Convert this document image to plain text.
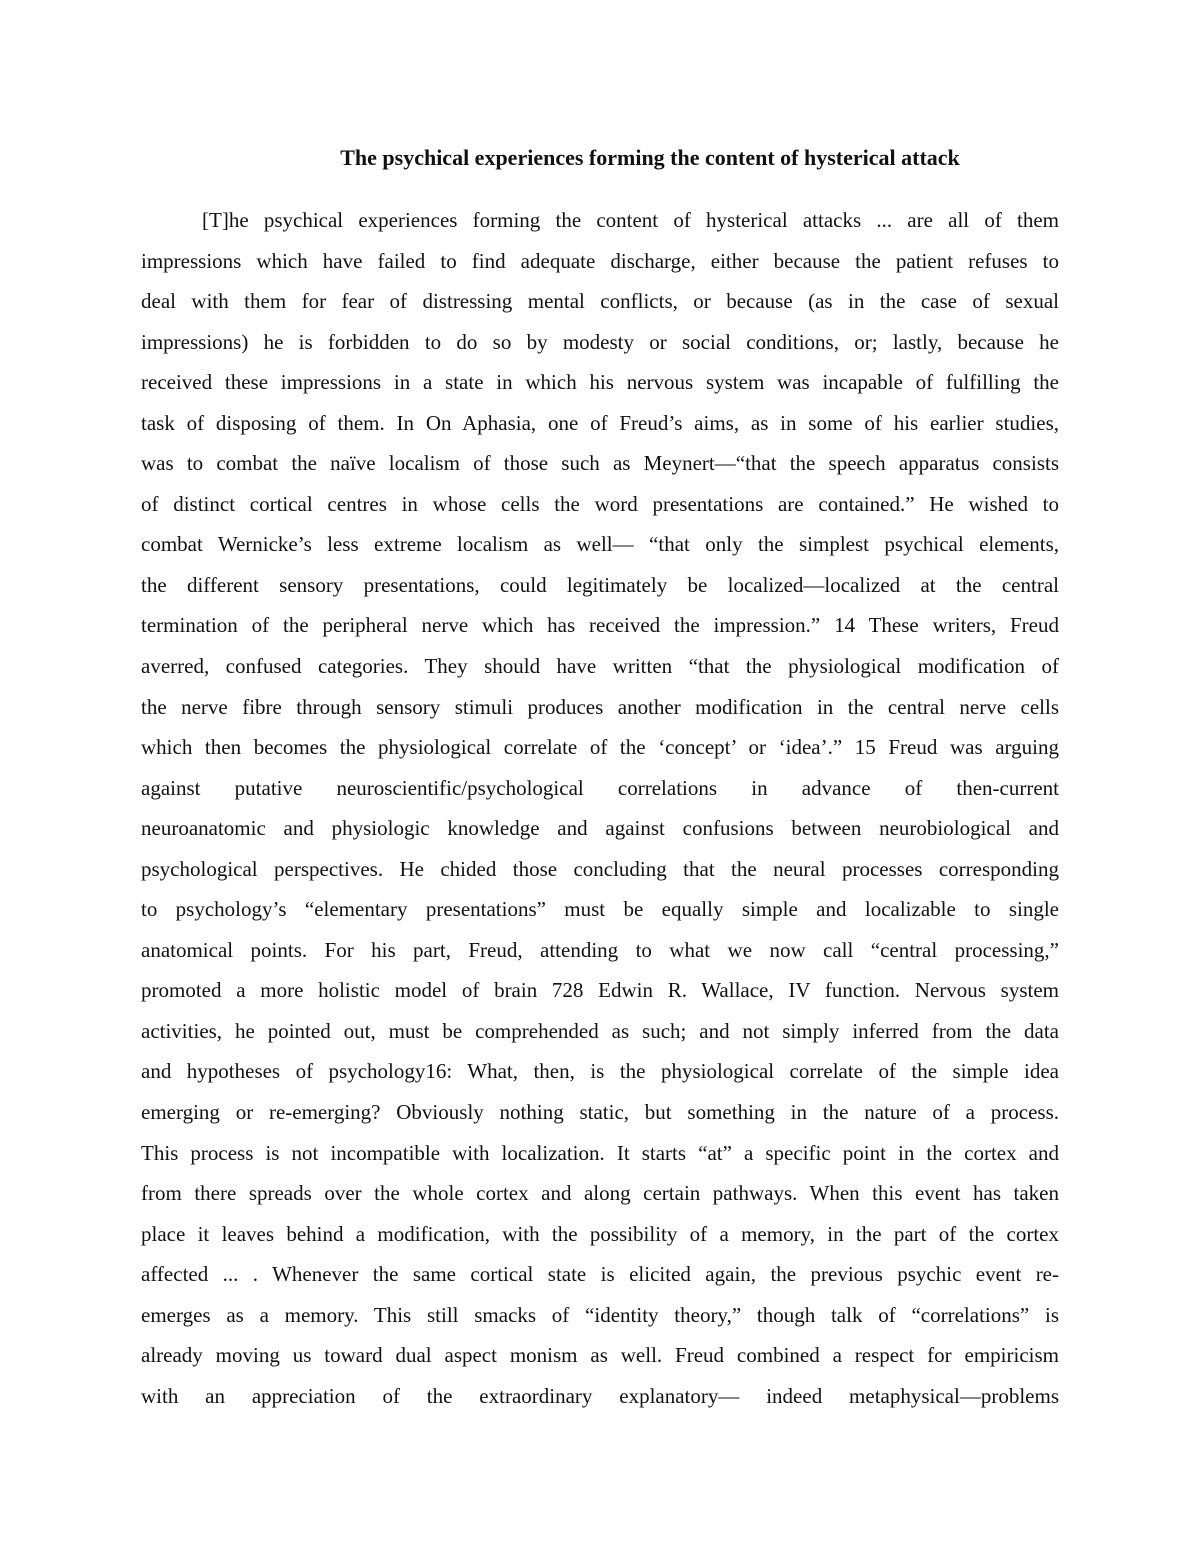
The psychical experiences forming the content of hysterical attack
[T]he psychical experiences forming the content of hysterical attacks ... are all of them
impressions which have failed to find adequate discharge, either because the patient refuses to
deal with them for fear of distressing mental conflicts, or because (as in the case of sexual
impressions) he is forbidden to do so by modesty or social conditions, or; lastly, because he
received these impressions in a state in which his nervous system was incapable of fulfilling the
task of disposing of them. In On Aphasia, one of Freud’s aims, as in some of his earlier studies,
was to combat the naïve localism of those such as Meynert—“that the speech apparatus consists
of distinct cortical centres in whose cells the word presentations are contained.” He wished to
combat Wernicke’s less extreme localism as well— “that only the simplest psychical elements,
the different sensory presentations, could legitimately be localized—localized at the central
termination of the peripheral nerve which has received the impression.” 14 These writers, Freud
averred, confused categories. They should have written “that the physiological modification of
the nerve fibre through sensory stimuli produces another modification in the central nerve cells
which then becomes the physiological correlate of the ‘concept’ or ‘idea’.” 15 Freud was arguing
against putative neuroscientific/psychological correlations in advance of then-current
neuroanatomic and physiologic knowledge and against confusions between neurobiological and
psychological perspectives. He chided those concluding that the neural processes corresponding
to psychology’s “elementary presentations” must be equally simple and localizable to single
anatomical points. For his part, Freud, attending to what we now call “central processing,”
promoted a more holistic model of brain 728 Edwin R. Wallace, IV function. Nervous system
activities, he pointed out, must be comprehended as such; and not simply inferred from the data
and hypotheses of psychology16: What, then, is the physiological correlate of the simple idea
emerging or re-emerging? Obviously nothing static, but something in the nature of a process.
This process is not incompatible with localization. It starts “at” a specific point in the cortex and
from there spreads over the whole cortex and along certain pathways. When this event has taken
place it leaves behind a modification, with the possibility of a memory, in the part of the cortex
affected ... . Whenever the same cortical state is elicited again, the previous psychic event re-
emerges as a memory. This still smacks of “identity theory,” though talk of “correlations” is
already moving us toward dual aspect monism as well. Freud combined a respect for empiricism
with an appreciation of the extraordinary explanatory— indeed metaphysical—problems
